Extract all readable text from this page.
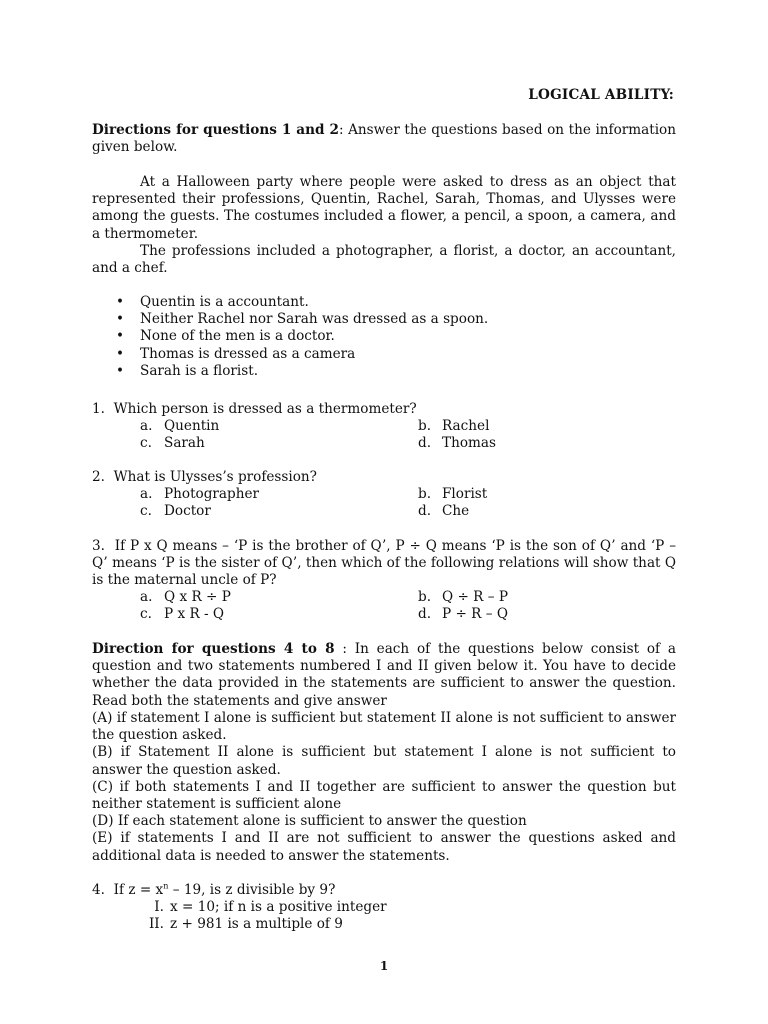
LOGICAL ABILITY:
Directions for questions 1 and 2: Answer the questions based on the information given below.
At a Halloween party where people were asked to dress as an object that represented their professions, Quentin, Rachel, Sarah, Thomas, and Ulysses were among the guests. The costumes included a flower, a pencil, a spoon, a camera, and a thermometer.
The professions included a photographer, a florist, a doctor, an accountant, and a chef.
• Quentin is a accountant.
• Neither Rachel nor Sarah was dressed as a spoon.
• None of the men is a doctor.
• Thomas is dressed as a camera
• Sarah is a florist.
1. Which person is dressed as a thermometer?
a. Quentin	b. Rachel
c. Sarah	d. Thomas
2. What is Ulysses’s profession?
a. Photographer	b. Florist
c. Doctor	d. Che
3. If P x Q means – ‘P is the brother of Q’, P ÷ Q means ‘P is the son of Q’ and ‘P – Q’ means ‘P is the sister of Q’, then which of the following relations will show that Q is the maternal uncle of P?
a. Q x R ÷ P	b. Q ÷ R – P
c. P x R - Q	d. P ÷ R – Q
Direction for questions 4 to 8 : In each of the questions below consist of a question and two statements numbered I and II given below it. You have to decide whether the data provided in the statements are sufficient to answer the question. Read both the statements and give answer
(A) if statement I alone is sufficient but statement II alone is not sufficient to answer the question asked.
(B) if Statement II alone is sufficient but statement I alone is not sufficient to answer the question asked.
(C) if both statements I and II together are sufficient to answer the question but neither statement is sufficient alone
(D) If each statement alone is sufficient to answer the question
(E) if statements I and II are not sufficient to answer the questions asked and additional data is needed to answer the statements.
4. If $z = x^n - 19$, is z divisible by 9?
I. x = 10; if n is a positive integer
II. z + 981 is a multiple of 9
1
